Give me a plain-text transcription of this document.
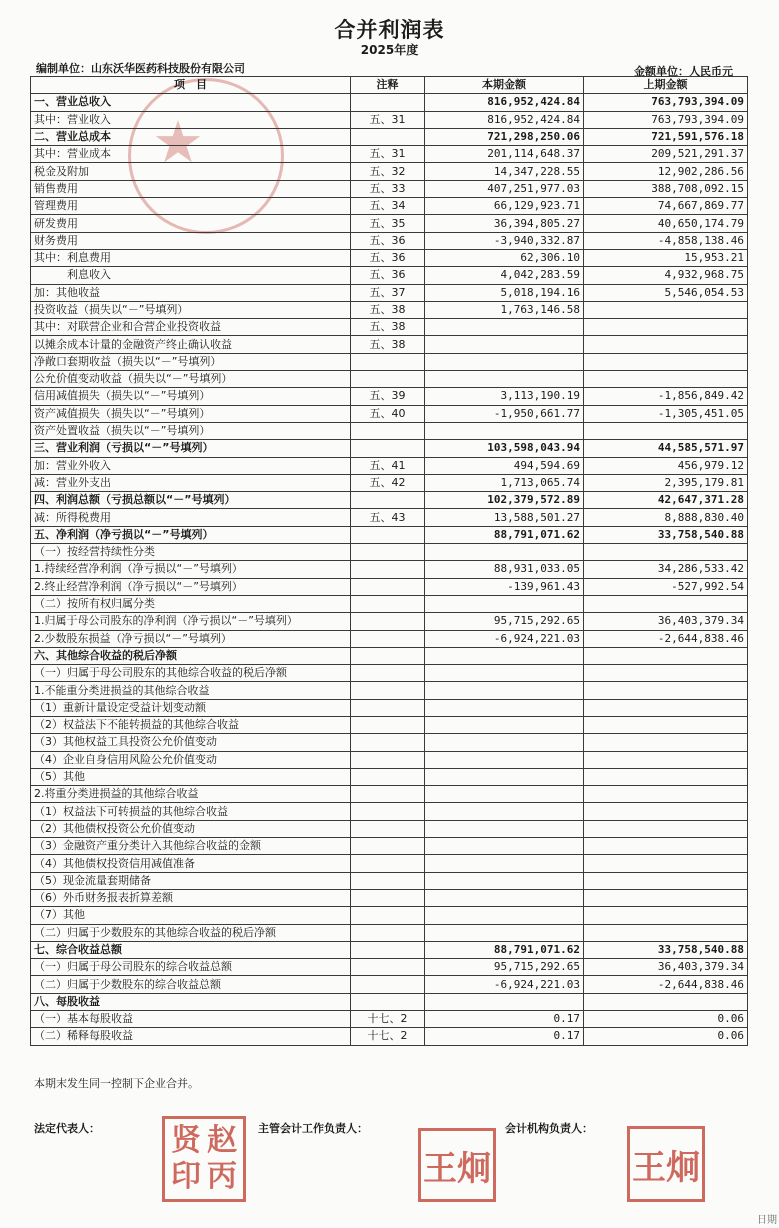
合并利润表
2025年度
编制单位：山东沃华医药科技股份有限公司	金额单位：人民币元
★
项　目	注释	本期金额	上期金额
一、营业总收入		816,952,424.84	763,793,394.09
其中：营业收入	五、31	816,952,424.84	763,793,394.09
二、营业总成本		721,298,250.06	721,591,576.18
其中：营业成本	五、31	201,114,648.37	209,521,291.37
税金及附加	五、32	14,347,228.55	12,902,286.56
销售费用	五、33	407,251,977.03	388,708,092.15
管理费用	五、34	66,129,923.71	74,667,869.77
研发费用	五、35	36,394,805.27	40,650,174.79
财务费用	五、36	-3,940,332.87	-4,858,138.46
其中：利息费用	五、36	62,306.10	15,953.21
　　　利息收入	五、36	4,042,283.59	4,932,968.75
加：其他收益	五、37	5,018,194.16	5,546,054.53
投资收益（损失以“－”号填列）	五、38	1,763,146.58	
其中：对联营企业和合营企业投资收益	五、38		
以摊余成本计量的金融资产终止确认收益	五、38		
净敞口套期收益（损失以“－”号填列）			
公允价值变动收益（损失以“－”号填列）			
信用减值损失（损失以“－”号填列）	五、39	3,113,190.19	-1,856,849.42
资产减值损失（损失以“－”号填列）	五、40	-1,950,661.77	-1,305,451.05
资产处置收益（损失以“－”号填列）			
三、营业利润（亏损以“－”号填列）		103,598,043.94	44,585,571.97
加：营业外收入	五、41	494,594.69	456,979.12
减：营业外支出	五、42	1,713,065.74	2,395,179.81
四、利润总额（亏损总额以“－”号填列）		102,379,572.89	42,647,371.28
减：所得税费用	五、43	13,588,501.27	8,888,830.40
五、净利润（净亏损以“－”号填列）		88,791,071.62	33,758,540.88
（一）按经营持续性分类			
1.持续经营净利润（净亏损以“－”号填列）		88,931,033.05	34,286,533.42
2.终止经营净利润（净亏损以“－”号填列）		-139,961.43	-527,992.54
（二）按所有权归属分类			
1.归属于母公司股东的净利润（净亏损以“－”号填列）		95,715,292.65	36,403,379.34
2.少数股东损益（净亏损以“－”号填列）		-6,924,221.03	-2,644,838.46
六、其他综合收益的税后净额			
（一）归属于母公司股东的其他综合收益的税后净额			
1.不能重分类进损益的其他综合收益			
（1）重新计量设定受益计划变动额			
（2）权益法下不能转损益的其他综合收益			
（3）其他权益工具投资公允价值变动			
（4）企业自身信用风险公允价值变动			
（5）其他			
2.将重分类进损益的其他综合收益			
（1）权益法下可转损益的其他综合收益			
（2）其他债权投资公允价值变动			
（3）金融资产重分类计入其他综合收益的金额			
（4）其他债权投资信用减值准备			
（5）现金流量套期储备			
（6）外币财务报表折算差额			
（7）其他			
（二）归属于少数股东的其他综合收益的税后净额			
七、综合收益总额		88,791,071.62	33,758,540.88
（一）归属于母公司股东的综合收益总额		95,715,292.65	36,403,379.34
（二）归属于少数股东的综合收益总额		-6,924,221.03	-2,644,838.46
八、每股收益			
（一）基本每股收益	十七、2	0.17	0.06
（二）稀释每股收益	十七、2	0.17	0.06
本期末发生同一控制下企业合并。
法定代表人：	主管会计工作负责人：	会计机构负责人：
贤 赵
印 丙	王炯	王炯
日期
